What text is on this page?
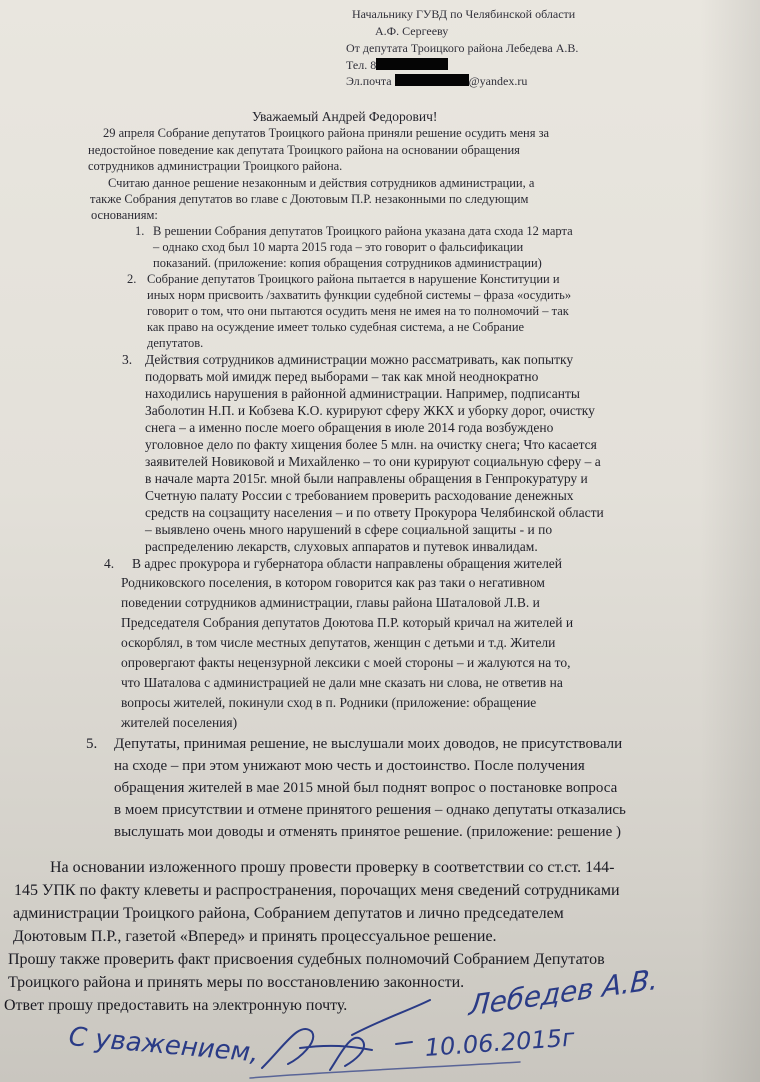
Начальнику ГУВД по Челябинской области
А.Ф. Сергееву
От депутата Троицкого района Лебедева А.В.
Тел. 8
Эл.почта	@yandex.ru
Уважаемый Андрей Федорович!
29 апреля Собрание депутатов Троицкого района приняли решение осудить меня за
недостойное поведение как депутата Троицкого района на основании обращения
сотрудников администрации Троицкого района.
Считаю данное решение незаконным и действия сотрудников администрации, а
также Собрания депутатов во главе с Доютовым П.Р. незаконными по следующим
основаниям:
1. В решении Собрания депутатов Троицкого района указана дата схода 12 марта
– однако сход был 10 марта 2015 года – это говорит о фальсификации
показаний. (приложение: копия обращения сотрудников администрации)
2. Собрание депутатов Троицкого района пытается в нарушение Конституции и
иных норм присвоить /захватить функции судебной системы – фраза «осудить»
говорит о том, что они пытаются осудить меня не имея на то полномочий – так
как право на осуждение имеет только судебная система, а не Собрание
депутатов.
3. Действия сотрудников администрации можно рассматривать, как попытку
подорвать мой имидж перед выборами – так как мной неоднократно
находились нарушения в районной администрации. Например, подписанты
Заболотин Н.П. и Кобзева К.О. курируют сферу ЖКХ и уборку дорог, очистку
снега – а именно после моего обращения в июле 2014 года возбуждено
уголовное дело по факту хищения более 5 млн. на очистку снега; Что касается
заявителей Новиковой и Михайленко – то они курируют социальную сферу – а
в начале марта 2015г. мной были направлены обращения в Генпрокуратуру и
Счетную палату России с требованием проверить расходование денежных
средств на соцзащиту населения – и по ответу Прокурора Челябинской области
– выявлено очень много нарушений в сфере социальной защиты - и по
распределению лекарств, слуховых аппаратов и путевок инвалидам.
4. В адрес прокурора и губернатора области направлены обращения жителей
Родниковского поселения, в котором говорится как раз таки о негативном
поведении сотрудников администрации, главы района Шаталовой Л.В. и
Председателя Собрания депутатов Доютова П.Р. который кричал на жителей и
оскорблял, в том числе местных депутатов, женщин с детьми и т.д. Жители
опровергают факты нецензурной лексики с моей стороны – и жалуются на то,
что Шаталова с администрацией не дали мне сказать ни слова, не ответив на
вопросы жителей, покинули сход в п. Родники (приложение: обращение
жителей поселения)
5. Депутаты, принимая решение, не выслушали моих доводов, не присутствовали
на сходе – при этом унижают мою честь и достоинство. После получения
обращения жителей в мае 2015 мной был поднят вопрос о постановке вопроса
в моем присутствии и отмене принятого решения – однако депутаты отказались
выслушать мои доводы и отменять принятое решение. (приложение: решение )
На основании изложенного прошу провести проверку в соответствии со ст.ст. 144-
145 УПК по факту клеветы и распространения, порочащих меня сведений сотрудниками
администрации Троицкого района, Собранием депутатов и лично председателем
Доютовым П.Р., газетой «Вперед» и принять процессуальное решение.
Прошу также проверить факт присвоения судебных полномочий Собранием Депутатов
Троицкого района и принять меры по восстановлению законности.
Ответ прошу предоставить на электронную почту.
С уважением,
Лебедев А.В.
10.06.2015г
